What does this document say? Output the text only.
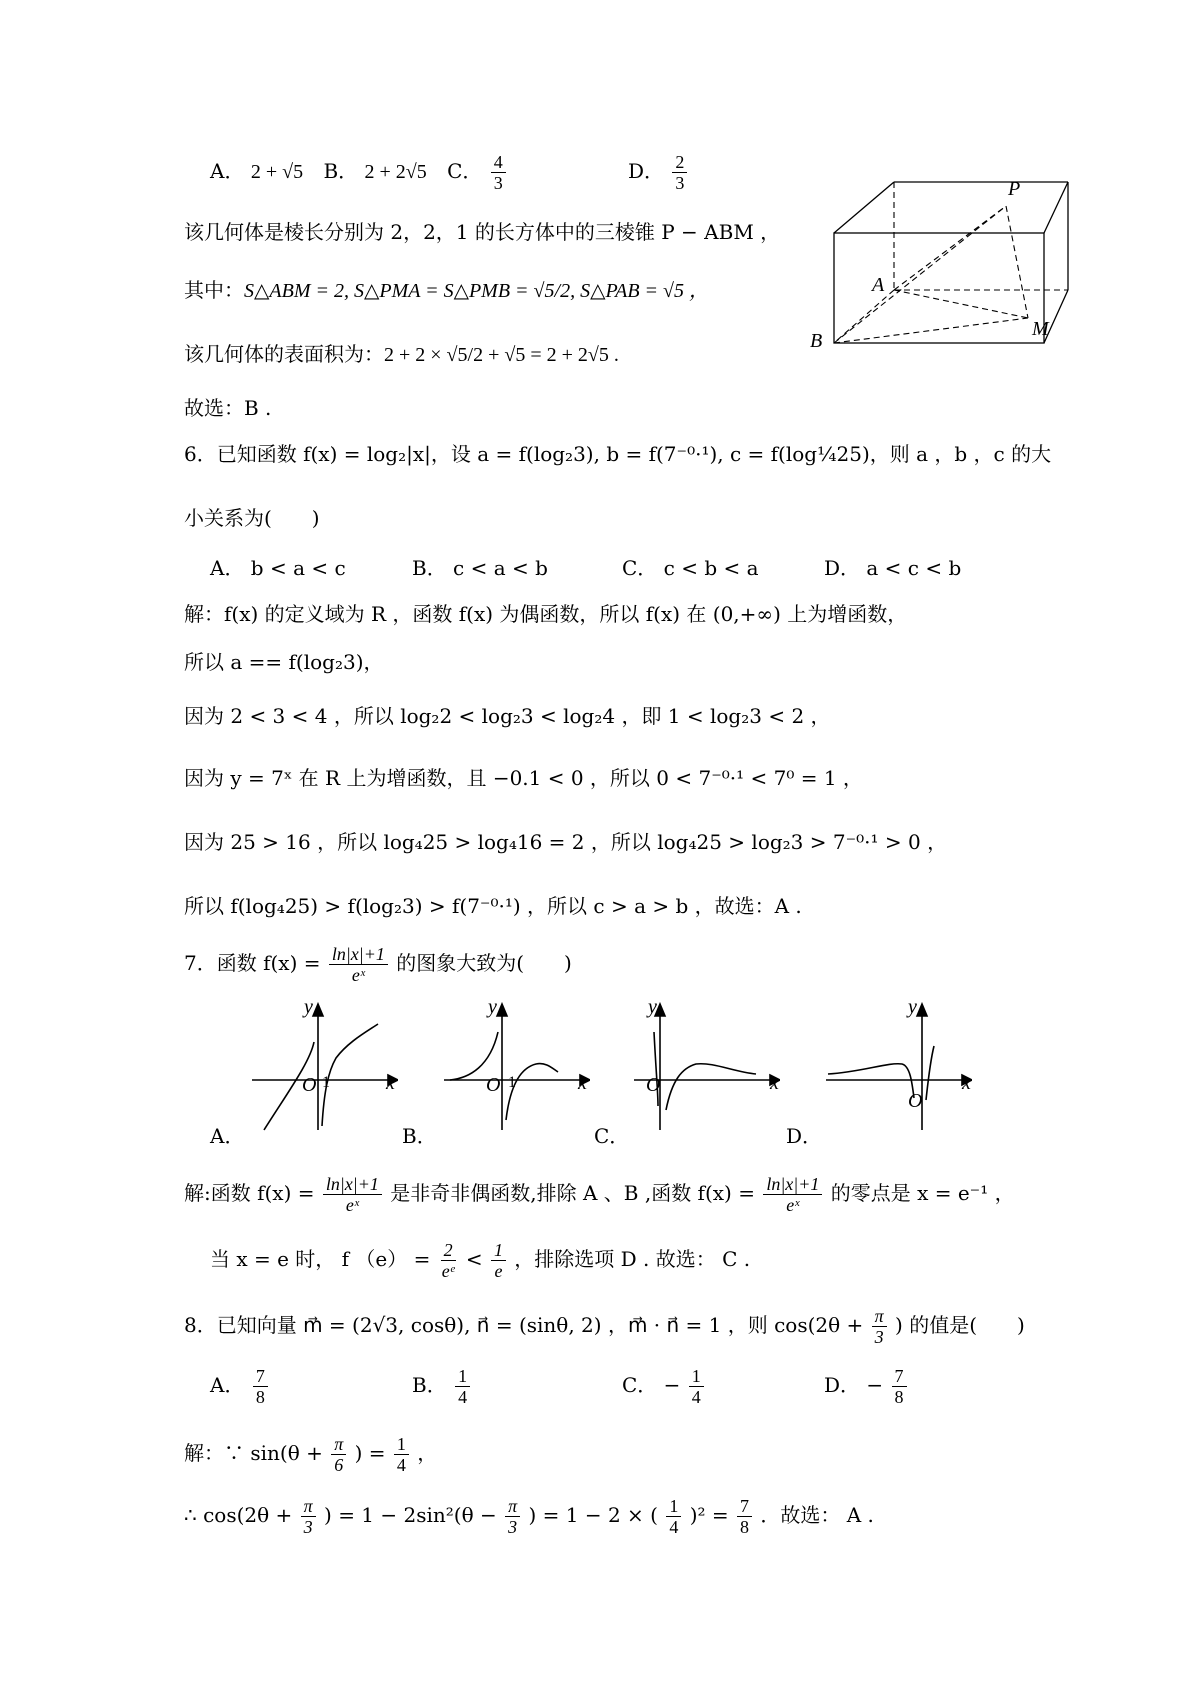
A． 2 + √5 B． 2 + 2√5 C． $\frac{4}{3}$	D． $\frac{2}{3}$
该几何体是棱长分别为 2，2，1 的长方体中的三棱锥 P − ABM ，
其中：S△ABM = 2, S△PMA = S△PMB = √5/2, S△PAB = √5 ，
该几何体的表面积为：2 + 2 × √5/2 + √5 = 2 + 2√5 .
故选：B .
P
A
B
M
6．已知函数 f(x) = log₂|x|，设 a = f(log₂3), b = f(7⁻⁰·¹), c = f(log¼25)，则 a ，b ，c 的大
小关系为(　　)
A． b < a < c	B． c < a < b	C． c < b < a	D． a < c < b
解：f(x) 的定义域为 R ，函数 f(x) 为偶函数，所以 f(x) 在 (0,+∞) 上为增函数，
所以 a == f(log₂3)，
因为 2 < 3 < 4 ，所以 log₂2 < log₂3 < log₂4 ，即 1 < log₂3 < 2 ，
因为 y = 7ˣ 在 R 上为增函数，且 −0.1 < 0 ，所以 0 < 7⁻⁰·¹ < 7⁰ = 1 ，
因为 25 > 16 ，所以 log₄25 > log₄16 = 2 ，所以 log₄25 > log₂3 > 7⁻⁰·¹ > 0 ，
所以 f(log₄25) > f(log₂3) > f(7⁻⁰·¹) ，所以 c > a > b ，故选：A .
7．函数 $f(x) = \frac{\ln|x|+1}{\text{eˣ}}$ 的图象大致为(　　)
y
x
O 1
y
x
O 1
y
x
O
y
x
O
A．	B．	C．	D．
解:函数 $f(x) = \frac{\ln|x|+1}{\text{eˣ}}$ 是非奇非偶函数,排除 A 、B ,函数 $f(x) = \frac{\ln|x|+1}{\text{eˣ}}$ 的零点是 x = e⁻¹ ，
当 x = e 时， f $(e) = \frac{2}{\text{eᵉ}} < \frac{1}{e}$ ，排除选项 D . 故选： C .
8．已知向量 m⃗ = (2√3, cosθ), n⃗ = (sinθ, 2) ，m⃗ · n⃗ = 1 ，则 $\cos(2\theta + \frac{\pi}{3}$ ) 的值是(　　)
A． $\frac{7}{8}$	B． $\frac{1}{4}$	C． − $\frac{1}{4}$	D． − $\frac{7}{8}$
解：∵ $\sin(\theta + \frac{\pi}{6}$ ) = $\frac{1}{4}$ ，
∴ $\cos(2\theta + \frac{\pi}{3}$ ) = $1 - 2\sin^2(\theta - \frac{\pi}{3}$ ) = 1 − 2 × ( $\frac{1}{4} )^2 = \frac{7}{8}$ ．故选： A .
